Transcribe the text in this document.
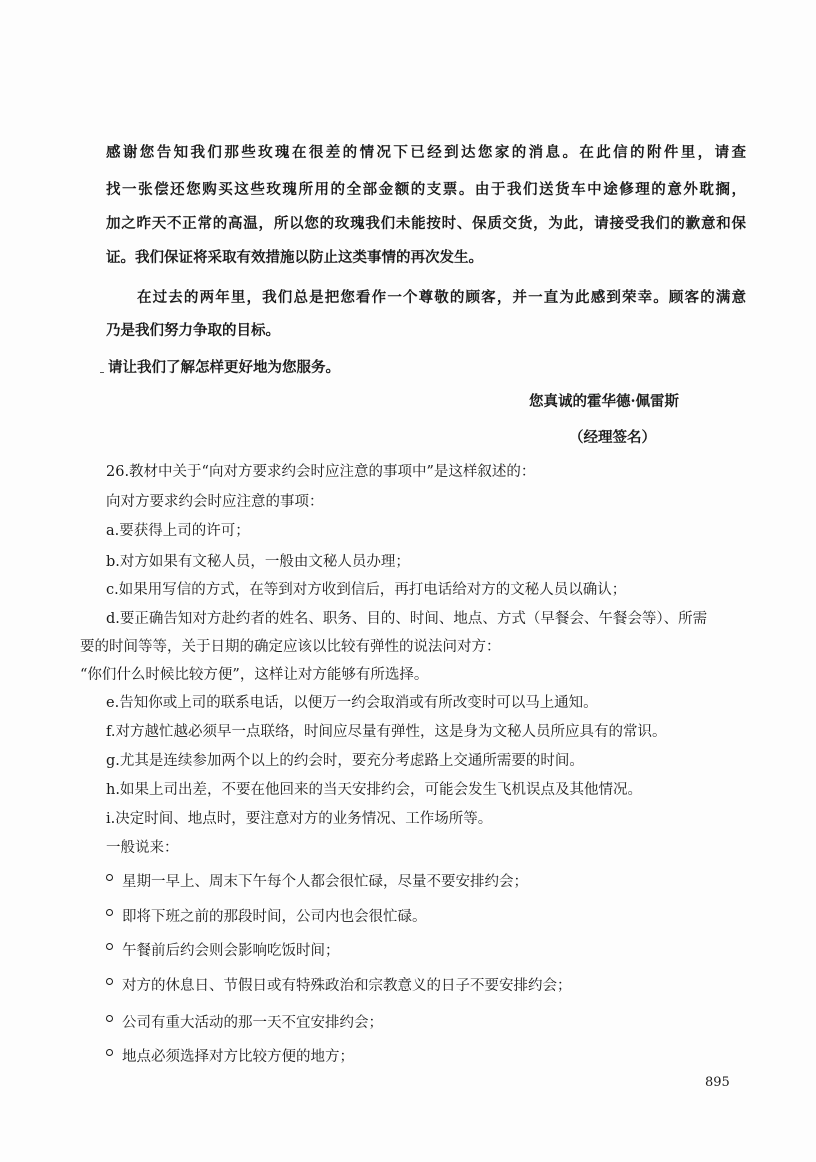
感谢您告知我们那些玫瑰在很差的情况下已经到达您家的消息。在此信的附件里，请查
找一张偿还您购买这些玫瑰所用的全部金额的支票。由于我们送货车中途修理的意外耽搁，
加之昨天不正常的高温，所以您的玫瑰我们未能按时、保质交货，为此，请接受我们的歉意和保
证。我们保证将采取有效措施以防止这类事情的再次发生。
在过去的两年里，我们总是把您看作一个尊敬的顾客，并一直为此感到荣幸。顾客的满意
乃是我们努力争取的目标。
请让我们了解怎样更好地为您服务。
您真诚的霍华德·佩雷斯
（经理签名）
26.教材中关于“向对方要求约会时应注意的事项中”是这样叙述的：
向对方要求约会时应注意的事项：
a.要获得上司的许可；
b.对方如果有文秘人员，一般由文秘人员办理；
c.如果用写信的方式，在等到对方收到信后，再打电话给对方的文秘人员以确认；
d.要正确告知对方赴约者的姓名、职务、目的、时间、地点、方式（早餐会、午餐会等）、所需
要的时间等等，关于日期的确定应该以比较有弹性的说法问对方：
“你们什么时候比较方便”，这样让对方能够有所选择。
e.告知你或上司的联系电话，以便万一约会取消或有所改变时可以马上通知。
f.对方越忙越必须早一点联络，时间应尽量有弹性，这是身为文秘人员所应具有的常识。
g.尤其是连续参加两个以上的约会时，要充分考虑路上交通所需要的时间。
h.如果上司出差，不要在他回来的当天安排约会，可能会发生飞机误点及其他情况。
i.决定时间、地点时，要注意对方的业务情况、工作场所等。
一般说来：
星期一早上、周末下午每个人都会很忙碌，尽量不要安排约会；
即将下班之前的那段时间，公司内也会很忙碌。
午餐前后约会则会影响吃饭时间；
对方的休息日、节假日或有特殊政治和宗教意义的日子不要安排约会；
公司有重大活动的那一天不宜安排约会；
地点必须选择对方比较方便的地方；
895
